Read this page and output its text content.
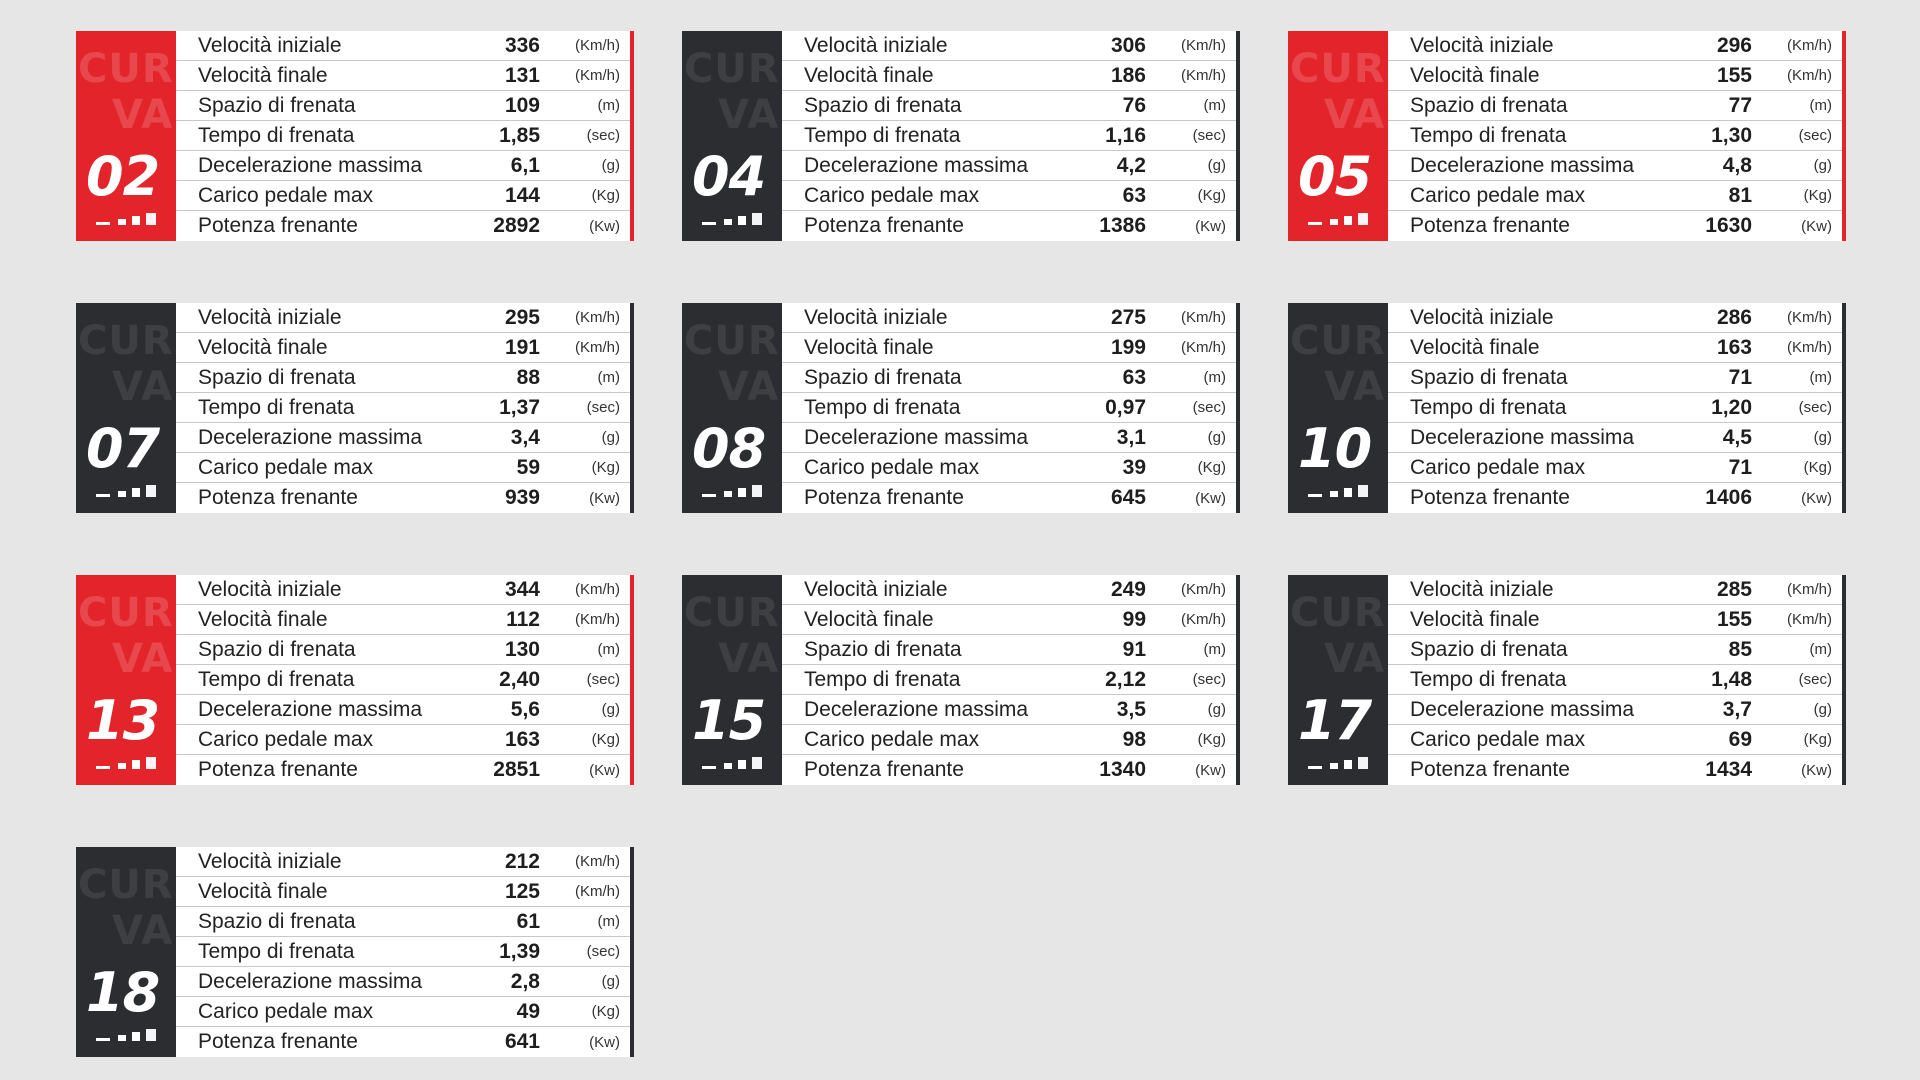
CUR
VA
02
Velocità iniziale	336 (Km/h)
Velocità finale	131 (Km/h)
Spazio di frenata	109	(m)
Tempo di frenata	1,85	(sec)
Decelerazione massima	6,1	(g)
Carico pedale max	144	(Kg)
Potenza frenante	2892	(Kw)
CUR
VA
04
Velocità iniziale	306 (Km/h)
Velocità finale	186 (Km/h)
Spazio di frenata	76	(m)
Tempo di frenata	1,16	(sec)
Decelerazione massima	4,2	(g)
Carico pedale max	63	(Kg)
Potenza frenante	1386	(Kw)
CUR
VA
05
Velocità iniziale	296 (Km/h)
Velocità finale	155 (Km/h)
Spazio di frenata	77	(m)
Tempo di frenata	1,30	(sec)
Decelerazione massima	4,8	(g)
Carico pedale max	81	(Kg)
Potenza frenante	1630	(Kw)
CUR
VA
07
Velocità iniziale	295 (Km/h)
Velocità finale	191 (Km/h)
Spazio di frenata	88	(m)
Tempo di frenata	1,37	(sec)
Decelerazione massima	3,4	(g)
Carico pedale max	59	(Kg)
Potenza frenante	939	(Kw)
CUR
VA
08
Velocità iniziale	275 (Km/h)
Velocità finale	199 (Km/h)
Spazio di frenata	63	(m)
Tempo di frenata	0,97	(sec)
Decelerazione massima	3,1	(g)
Carico pedale max	39	(Kg)
Potenza frenante	645	(Kw)
CUR
VA
10
Velocità iniziale	286 (Km/h)
Velocità finale	163 (Km/h)
Spazio di frenata	71	(m)
Tempo di frenata	1,20	(sec)
Decelerazione massima	4,5	(g)
Carico pedale max	71	(Kg)
Potenza frenante	1406	(Kw)
CUR
VA
13
Velocità iniziale	344 (Km/h)
Velocità finale	112 (Km/h)
Spazio di frenata	130	(m)
Tempo di frenata	2,40	(sec)
Decelerazione massima	5,6	(g)
Carico pedale max	163	(Kg)
Potenza frenante	2851	(Kw)
CUR
VA
15
Velocità iniziale	249 (Km/h)
Velocità finale	99 (Km/h)
Spazio di frenata	91	(m)
Tempo di frenata	2,12	(sec)
Decelerazione massima	3,5	(g)
Carico pedale max	98	(Kg)
Potenza frenante	1340	(Kw)
CUR
VA
17
Velocità iniziale	285 (Km/h)
Velocità finale	155 (Km/h)
Spazio di frenata	85	(m)
Tempo di frenata	1,48	(sec)
Decelerazione massima	3,7	(g)
Carico pedale max	69	(Kg)
Potenza frenante	1434	(Kw)
CUR
VA
18
Velocità iniziale	212 (Km/h)
Velocità finale	125 (Km/h)
Spazio di frenata	61	(m)
Tempo di frenata	1,39	(sec)
Decelerazione massima	2,8	(g)
Carico pedale max	49	(Kg)
Potenza frenante	641	(Kw)
